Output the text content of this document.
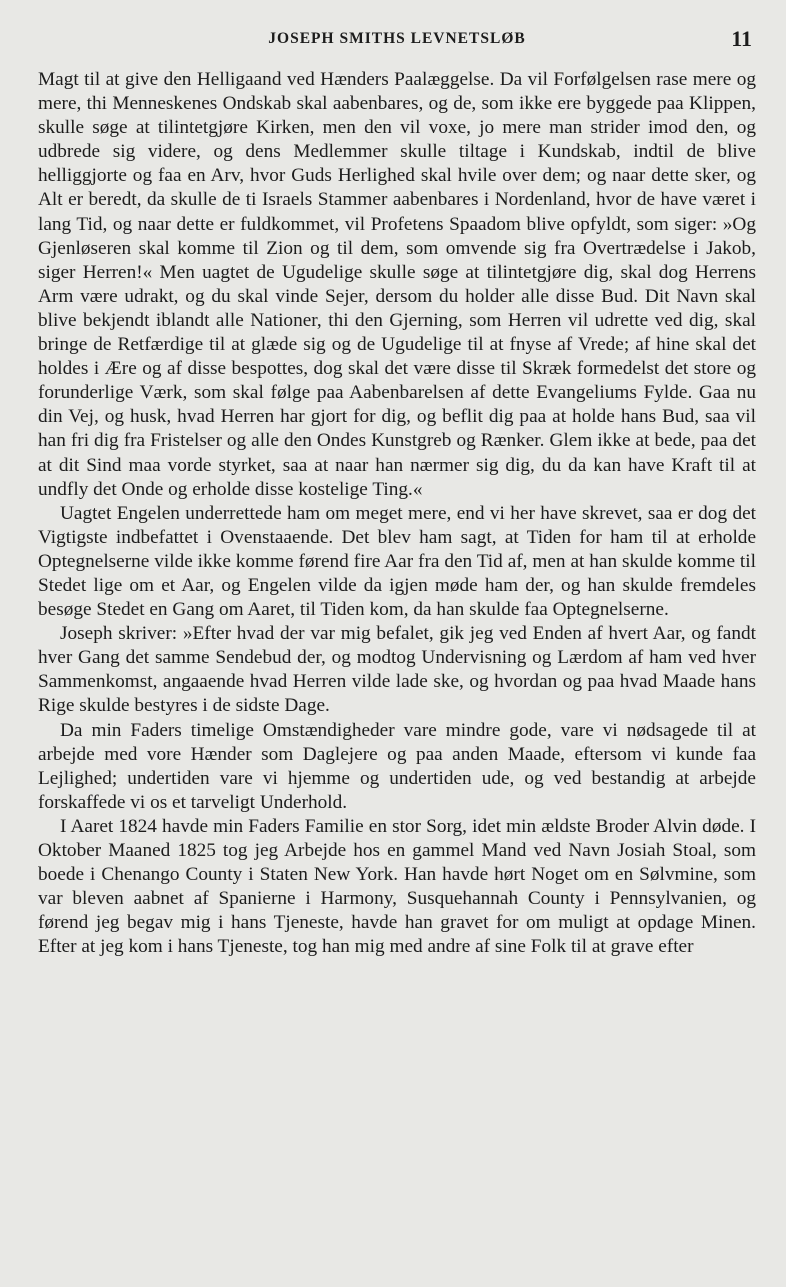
JOSEPH SMITHS LEVNETSLØB	11

Magt til at give den Helligaand ved Hænders Paalæggelse. Da vil Forfølgelsen rase mere og mere, thi Menneskenes Ondskab skal aabenbares, og de, som ikke ere byggede paa Klippen, skulle søge at tilintetgjøre Kirken, men den vil voxe, jo mere man strider imod den, og udbrede sig videre, og dens Medlemmer skulle tiltage i Kundskab, indtil de blive helliggjorte og faa en Arv, hvor Guds Herlighed skal hvile over dem; og naar dette sker, og Alt er beredt, da skulle de ti Israels Stammer aabenbares i Nordenland, hvor de have været i lang Tid, og naar dette er fuldkommet, vil Profetens Spaadom blive opfyldt, som siger: »Og Gjenløseren skal komme til Zion og til dem, som omvende sig fra Overtrædelse i Jakob, siger Herren!« Men uagtet de Ugudelige skulle søge at tilintetgjøre dig, skal dog Herrens Arm være udrakt, og du skal vinde Sejer, dersom du holder alle disse Bud. Dit Navn skal blive bekjendt iblandt alle Nationer, thi den Gjerning, som Herren vil udrette ved dig, skal bringe de Retfærdige til at glæde sig og de Ugudelige til at fnyse af Vrede; af hine skal det holdes i Ære og af disse bespottes, dog skal det være disse til Skræk formedelst det store og forunderlige Værk, som skal følge paa Aabenbarelsen af dette Evangeliums Fylde. Gaa nu din Vej, og husk, hvad Herren har gjort for dig, og beflit dig paa at holde hans Bud, saa vil han fri dig fra Fristelser og alle den Ondes Kunstgreb og Rænker. Glem ikke at bede, paa det at dit Sind maa vorde styrket, saa at naar han nærmer sig dig, du da kan have Kraft til at undfly det Onde og erholde disse kostelige Ting.«

Uagtet Engelen underrettede ham om meget mere, end vi her have skrevet, saa er dog det Vigtigste indbefattet i Ovenstaaende. Det blev ham sagt, at Tiden for ham til at erholde Optegnelserne vilde ikke komme førend fire Aar fra den Tid af, men at han skulde komme til Stedet lige om et Aar, og Engelen vilde da igjen møde ham der, og han skulde fremdeles besøge Stedet en Gang om Aaret, til Tiden kom, da han skulde faa Optegnelserne.

Joseph skriver: »Efter hvad der var mig befalet, gik jeg ved Enden af hvert Aar, og fandt hver Gang det samme Sendebud der, og modtog Undervisning og Lærdom af ham ved hver Sammenkomst, angaaende hvad Herren vilde lade ske, og hvordan og paa hvad Maade hans Rige skulde bestyres i de sidste Dage.

Da min Faders timelige Omstændigheder vare mindre gode, vare vi nødsagede til at arbejde med vore Hænder som Daglejere og paa anden Maade, eftersom vi kunde faa Lejlighed; undertiden vare vi hjemme og undertiden ude, og ved bestandig at arbejde forskaffede vi os et tarveligt Underhold.

I Aaret 1824 havde min Faders Familie en stor Sorg, idet min ældste Broder Alvin døde. I Oktober Maaned 1825 tog jeg Arbejde hos en gammel Mand ved Navn Josiah Stoal, som boede i Chenango County i Staten New York. Han havde hørt Noget om en Sølvmine, som var bleven aabnet af Spanierne i Harmony, Susquehannah County i Pennsylvanien, og førend jeg begav mig i hans Tjeneste, havde han gravet for om muligt at opdage Minen. Efter at jeg kom i hans Tjeneste, tog han mig med andre af sine Folk til at grave efter
